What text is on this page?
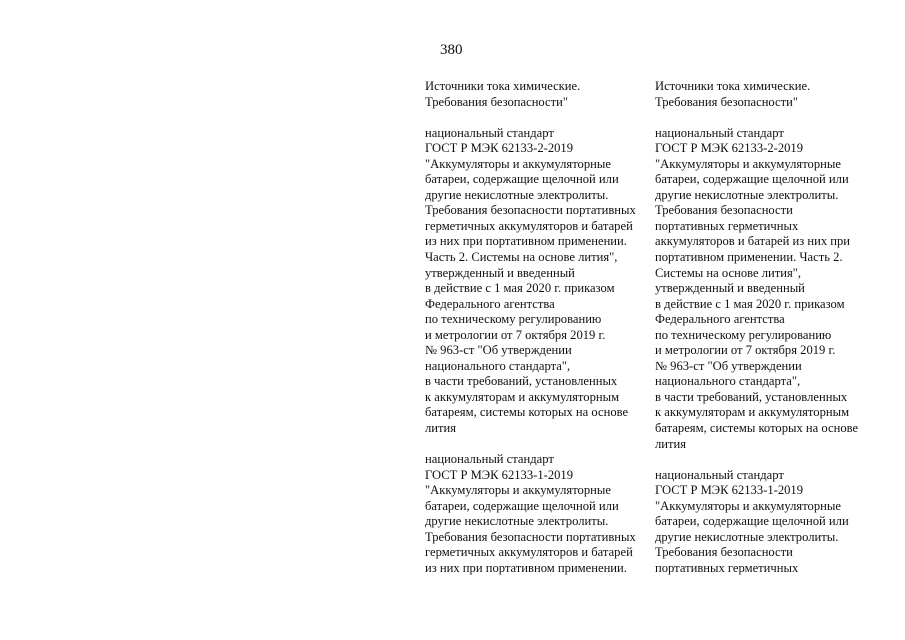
380
Источники тока химические.
Требования безопасности"
национальный стандарт
ГОСТ Р МЭК 62133-2-2019
"Аккумуляторы и аккумуляторные
батареи, содержащие щелочной или
другие некислотные электролиты.
Требования безопасности портативных
герметичных аккумуляторов и батарей
из них при портативном применении.
Часть 2. Системы на основе лития",
утвержденный и введенный
в действие с 1 мая 2020 г. приказом
Федерального агентства
по техническому регулированию
и метрологии от 7 октября 2019 г.
№ 963-ст "Об утверждении
национального стандарта",
в части требований, установленных
к аккумуляторам и аккумуляторным
батареям, системы которых на основе
лития
национальный стандарт
ГОСТ Р МЭК 62133-1-2019
"Аккумуляторы и аккумуляторные
батареи, содержащие щелочной или
другие некислотные электролиты.
Требования безопасности портативных
герметичных аккумуляторов и батарей
из них при портативном применении.
Источники тока химические.
Требования безопасности"
национальный стандарт
ГОСТ Р МЭК 62133-2-2019
"Аккумуляторы и аккумуляторные
батареи, содержащие щелочной или
другие некислотные электролиты.
Требования безопасности
портативных герметичных
аккумуляторов и батарей из них при
портативном применении. Часть 2.
Системы на основе лития",
утвержденный и введенный
в действие с 1 мая 2020 г. приказом
Федерального агентства
по техническому регулированию
и метрологии от 7 октября 2019 г.
№ 963-ст "Об утверждении
национального стандарта",
в части требований, установленных
к аккумуляторам и аккумуляторным
батареям, системы которых на основе
лития
национальный стандарт
ГОСТ Р МЭК 62133-1-2019
"Аккумуляторы и аккумуляторные
батареи, содержащие щелочной или
другие некислотные электролиты.
Требования безопасности
портативных герметичных
